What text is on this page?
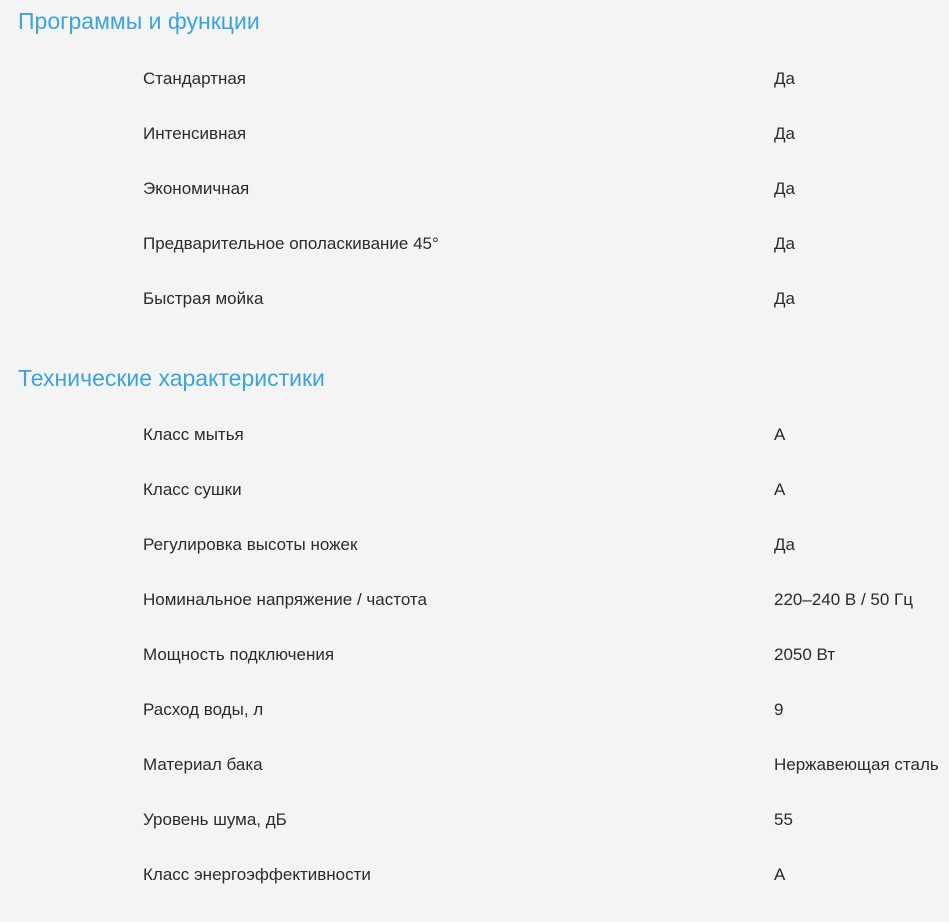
Программы и функции
Стандартная	Да
Интенсивная	Да
Экономичная	Да
Предварительное ополаскивание 45°	Да
Быстрая мойка	Да
Технические характеристики
Класс мытья	A
Класс сушки	A
Регулировка высоты ножек	Да
Номинальное напряжение / частота	220–240 В / 50 Гц
Мощность подключения	2050 Вт
Расход воды, л	9
Материал бака	Нержавеющая сталь
Уровень шума, дБ	55
Класс энергоэффективности	A
